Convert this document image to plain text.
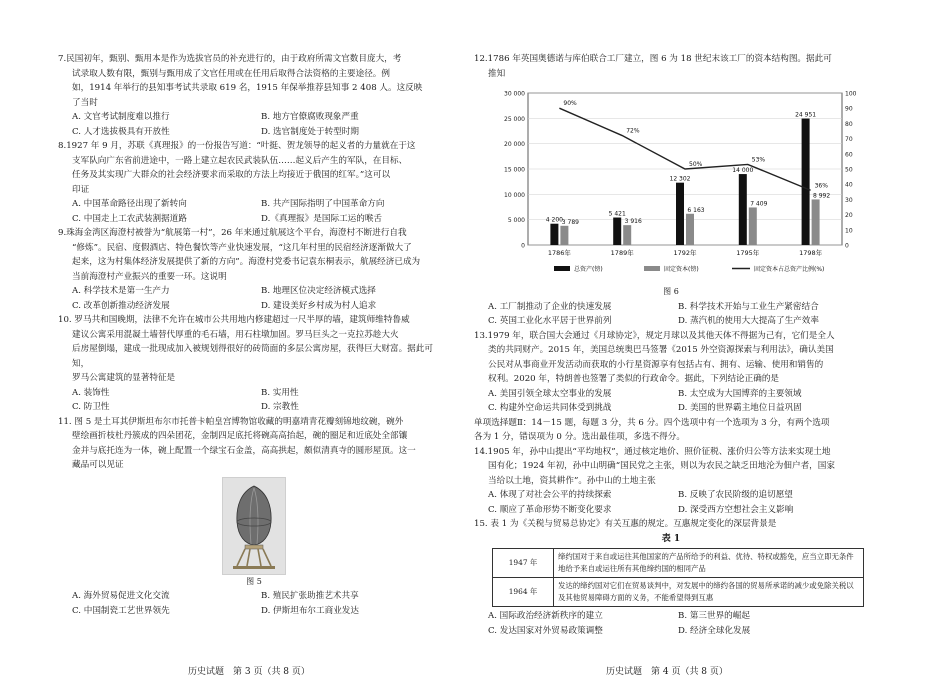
7.民国初年，甄别、甄用本是作为选拔官员的补充进行的，由于政府所需文官数目庞大，考

试录取人数有限，甄别与甄用成了文官任用或在任用后取得合法资格的主要途径。例

如，1914 年举行的县知事考试共录取 619 名，1915 年保举推荐县知事 2 408 人。这反映

了当时

A. 文官考试制度难以推行	B. 地方官僚腐败现象严重
C. 人才选拔极具有开放性	D. 选官制度处于转型时期

8.1927 年 9 月，苏联《真理报》的一份报告写道：“叶挺、贺龙领导的起义者的力量就在于这

支军队向广东省前进途中，一路上建立起农民武装队伍……起义后产生的军队，在目标、

任务及其实现广大群众的社会经济要求而采取的方法上均接近于俄国的红军。”这可以

印证

A. 中国革命路径出现了新转向	B. 共产国际指明了中国革命方向
C. 中国走上工农武装割据道路	D.《真理报》是国际工运的喉舌

9.珠海金湾区海澄村被誉为“航展第一村”，26 年来通过航展这个平台，海澄村不断进行自我

“修炼”。民宿、度假酒店、特色餐饮等产业快速发展，“这几年村里的民宿经济逐渐做大了

起来，这为村集体经济发展提供了新的方向”。海澄村党委书记袁东桐表示，航展经济已成为

当前海澄村产业振兴的重要一环。这说明

A. 科学技术是第一生产力	B. 地理区位决定经济模式选择
C. 改革创新推动经济发展	D. 建设美好乡村成为村人追求

10. 罗马共和国晚期，法律不允许在城市公共用地内修建超过一尺半厚的墙，建筑师维特鲁威

建议公寓采用混凝土墙替代厚重的毛石墙，用石柱墩加固。罗马巨头之一克拉苏趁大火

后房屋倒塌，建成一批现成加入被规划得很好的砖筒面的多层公寓房屋，获得巨大财富。据此可知，

罗马公寓建筑的显著特征是

A. 装饰性	B. 实用性
C. 防卫性	D. 宗教性

11. 图 5 是土耳其伊斯坦布尔市托普卡帕皇宫博物馆收藏的明嘉靖青花瓣刻锦地纹碗，碗外

壁绘画折枝杜丹簇成的四朵团花，金制四足底托将碗高高抬起，碗的圈足和近底处全部镶

金并与底托连为一体，碗上配置一个绿宝石金盖，高高拱起，颇似清真寺的圆形屋顶。这一

藏品可以见证

图 5

A. 海外贸易促进文化交流	B. 殖民扩张助推艺术共享
C. 中国制瓷工艺世界领先	D. 伊斯坦布尔工商业发达
历史试题　第 3 页（共 8 页）

12.1786 年英国奥德诺与库伯联合工厂建立，图 6 为 18 世纪末该工厂的资本结构图。据此可

推知

0
5 000
10 000
15 000
20 000
25 000
30 000
0
10
20
30
40
50
60
70
80
90
100
4 200
3 789
1786年
5 421
3 916
1789年
12 302
6 163
1792年
14 000
7 409
1795年
24 951
8 992
1798年
90%
72%
50%
53%
36%
总资产(镑)	固定资本(镑)	固定资本占总资产比例(%)

图 6

A. 工厂制推动了企业的快速发展	B. 科学技术开始与工业生产紧密结合
C. 英国工业化水平居于世界前列	D. 蒸汽机的使用大大提高了生产效率

13.1979 年，联合国大会通过《月球协定》，规定月球以及其他天体不得据为己有，它们是全人

类的共同财产。2015 年，美国总统奥巴马签署《2015 外空资源探索与利用法》，确认美国

公民对从事商业开发活动而获取的小行星资源享有包括占有、拥有、运输、使用和销售的

权利。2020 年，特朗普也签署了类似的行政命令。据此，下列结论正确的是

A. 美国引领全球太空事业的发展	B. 太空成为大国博弈的主要领域
C. 构建外空命运共同体受到挑战	D. 美国的世界霸主地位日益巩固

单项选择题Ⅱ：14－15 题，每题 3 分，共 6 分。四个选项中有一个选项为 3 分，有两个选项

各为 1 分，错误项为 0 分。选出最佳项，多选不得分。

14.1905 年，孙中山提出“平均地权”，通过核定地价、照价征税、涨价归公等方法来实现土地

国有化；1924 年初，孙中山明确“国民党之主张，则以为农民之缺乏田地沦为佃户者，国家

当给以土地，资其耕作”。孙中山的土地主张

A. 体现了对社会公平的持续探索	B. 反映了农民阶级的追切愿望
C. 顺应了革命形势不断变化要求	D. 深受西方空想社会主义影响

15. 表 1 为《关税与贸易总协定》有关互惠的规定。互惠规定变化的深层背景是

表 1

1947 年	缔约国对于来自或运往其他国家的产品所给予的利益、优待、特权或豁免，应当立即无条件地给予来自或运往所有其他缔约国的相同产品
1964 年	发达的缔约国对它们在贸易谈判中，对发展中的缔约各国的贸易所承诺的减少或免除关税以及其他贸易障碍方面的义务，不能希望得到互惠
A. 国际政治经济新秩序的建立	B. 第三世界的崛起
C. 发达国家对外贸易政策调整	D. 经济全球化发展
历史试题　第 4 页（共 8 页）
